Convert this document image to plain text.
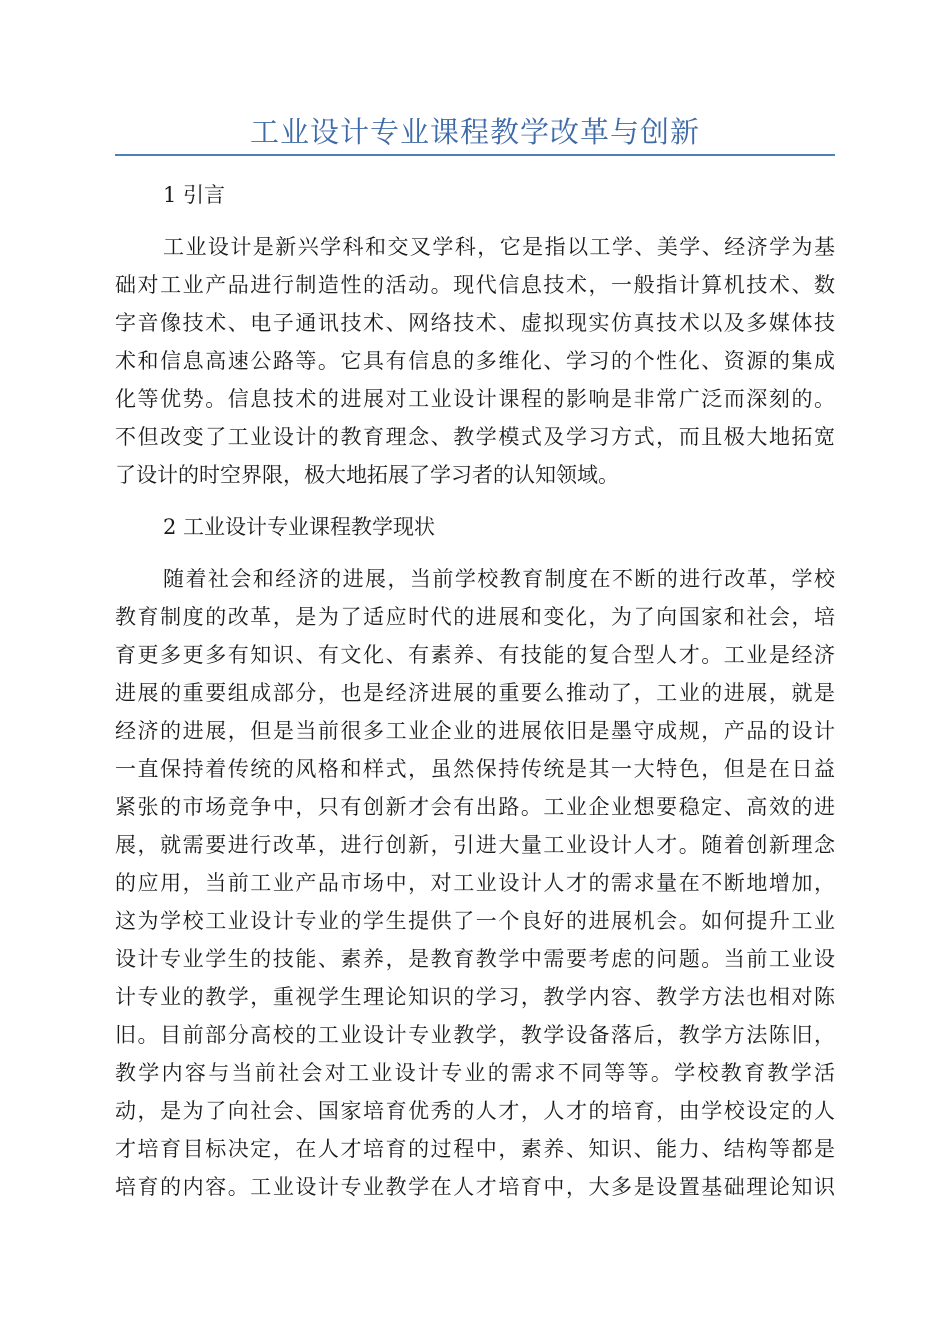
工业设计专业课程教学改革与创新
1 引言

工业设计是新兴学科和交叉学科，它是指以工学、美学、经济学为基
础对工业产品进行制造性的活动。现代信息技术，一般指计算机技术、数
字音像技术、电子通讯技术、网络技术、虚拟现实仿真技术以及多媒体技
术和信息高速公路等。它具有信息的多维化、学习的个性化、资源的集成
化等优势。信息技术的进展对工业设计课程的影响是非常广泛而深刻的。
不但改变了工业设计的教育理念、教学模式及学习方式，而且极大地拓宽
了设计的时空界限，极大地拓展了学习者的认知领域。

2 工业设计专业课程教学现状

随着社会和经济的进展，当前学校教育制度在不断的进行改革，学校
教育制度的改革，是为了适应时代的进展和变化，为了向国家和社会，培
育更多更多有知识、有文化、有素养、有技能的复合型人才。工业是经济
进展的重要组成部分，也是经济进展的重要么推动了，工业的进展，就是
经济的进展，但是当前很多工业企业的进展依旧是墨守成规，产品的设计
一直保持着传统的风格和样式，虽然保持传统是其一大特色，但是在日益
紧张的市场竞争中，只有创新才会有出路。工业企业想要稳定、高效的进
展，就需要进行改革，进行创新，引进大量工业设计人才。随着创新理念
的应用，当前工业产品市场中，对工业设计人才的需求量在不断地增加，
这为学校工业设计专业的学生提供了一个良好的进展机会。如何提升工业
设计专业学生的技能、素养，是教育教学中需要考虑的问题。当前工业设
计专业的教学，重视学生理论知识的学习，教学内容、教学方法也相对陈
旧。目前部分高校的工业设计专业教学，教学设备落后，教学方法陈旧，
教学内容与当前社会对工业设计专业的需求不同等等。学校教育教学活
动，是为了向社会、国家培育优秀的人才，人才的培育，由学校设定的人
才培育目标决定，在人才培育的过程中，素养、知识、能力、结构等都是
培育的内容。工业设计专业教学在人才培育中，大多是设置基础理论知识
